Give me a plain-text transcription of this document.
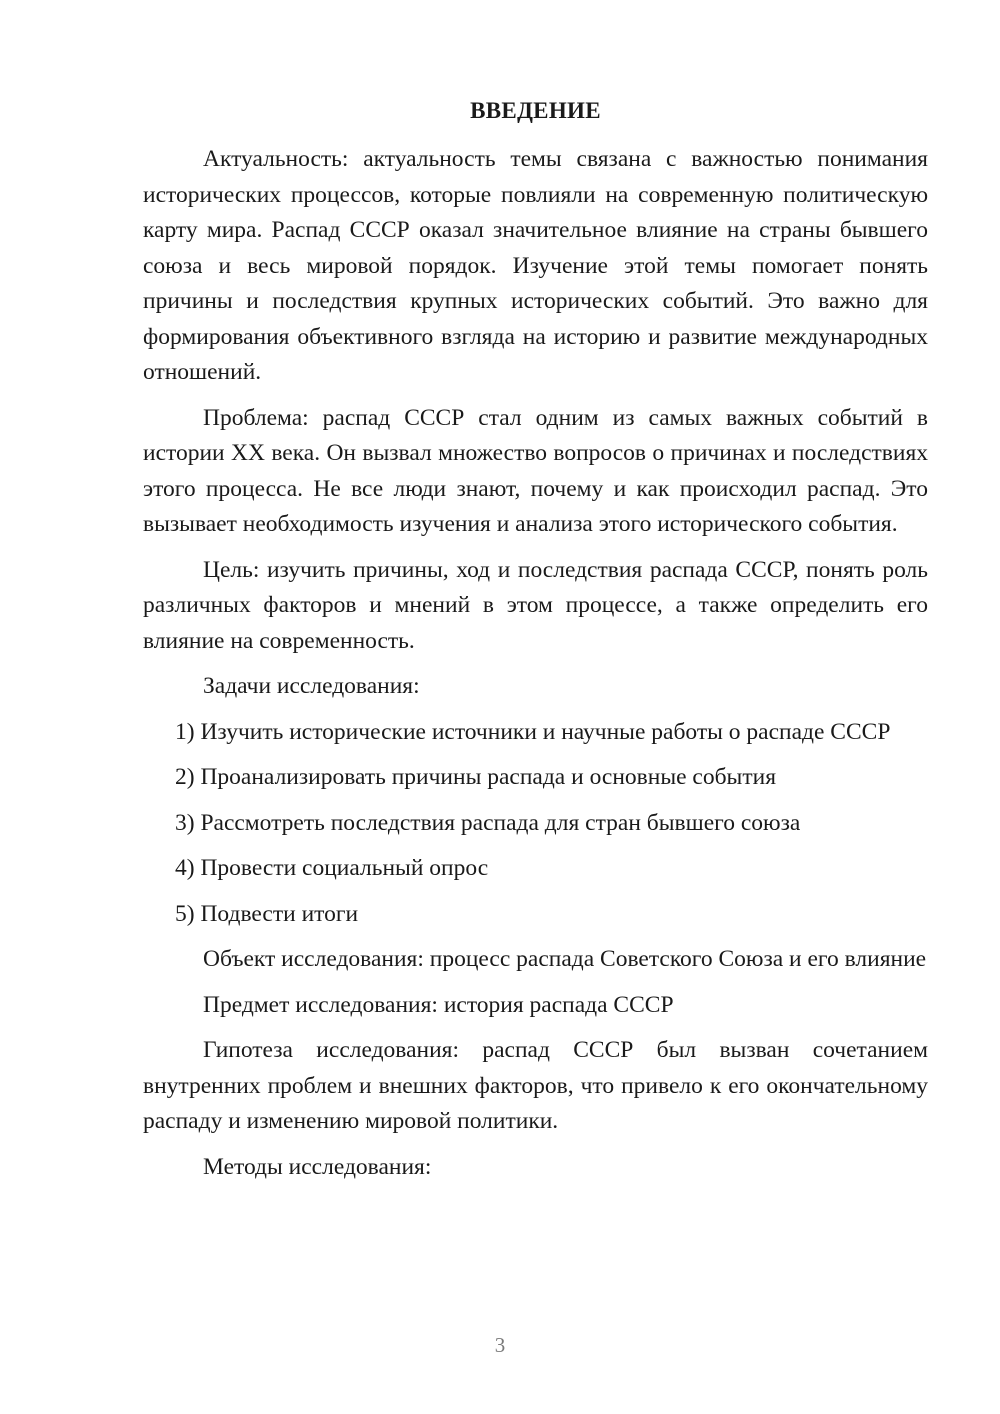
ВВЕДЕНИЕ

Актуальность: актуальность темы связана с важностью понимания исторических процессов, которые повлияли на современную политическую карту мира. Распад СССР оказал значительное влияние на страны бывшего союза и весь мировой порядок. Изучение этой темы помогает понять причины и последствия крупных исторических событий. Это важно для формирования объективного взгляда на историю и развитие международных отношений.

Проблема: распад СССР стал одним из самых важных событий в истории XX века. Он вызвал множество вопросов о причинах и последствиях этого процесса. Не все люди знают, почему и как происходил распад. Это вызывает необходимость изучения и анализа этого исторического события.

Цель: изучить причины, ход и последствия распада СССР, понять роль различных факторов и мнений в этом процессе, а также определить его влияние на современность.

Задачи исследования:

1) Изучить исторические источники и научные работы о распаде СССР

2) Проанализировать причины распада и основные события

3) Рассмотреть последствия распада для стран бывшего союза

4) Провести социальный опрос

5) Подвести итоги

Объект исследования: процесс распада Советского Союза и его влияние

Предмет исследования: история распада СССР

Гипотеза исследования: распад СССР был вызван сочетанием внутренних проблем и внешних факторов, что привело к его окончательному распаду и изменению мировой политики.

Методы исследования:

3
